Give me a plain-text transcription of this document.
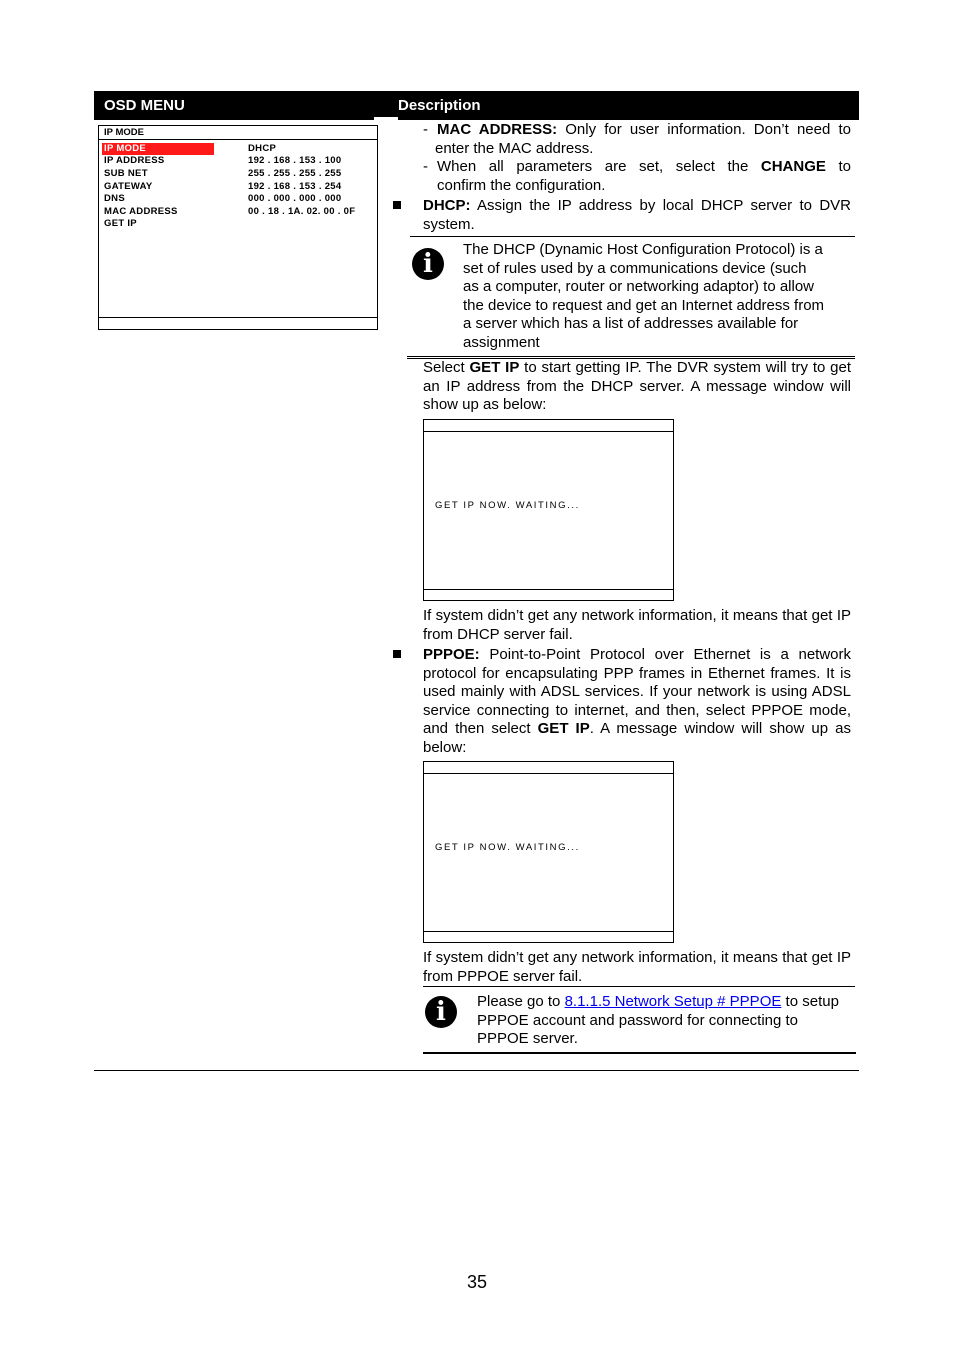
OSD MENU	Description
IP MODE
IP MODE	DHCP
IP ADDRESS	192 . 168 . 153 . 100
SUB NET	255 . 255 . 255 . 255
GATEWAY	192 . 168 . 153 . 254
DNS	000 . 000 . 000 . 000
MAC ADDRESS	00 . 18 . 1A. 02. 00 . 0F
GET IP
- MAC ADDRESS: Only for user information. Don’t need to
enter the MAC address.
- When all parameters are set, select the CHANGE to
confirm the configuration.
DHCP: Assign the IP address by local DHCP server to DVR system.
i	The DHCP (Dynamic Host Configuration Protocol) is a
set of rules used by a communications device (such
as a computer, router or networking adaptor) to allow
the device to request and get an Internet address from
a server which has a list of addresses available for
assignment
Select GET IP to start getting IP. The DVR system will try to get an IP address from the DHCP server. A message window will show up as below:
GET IP NOW. WAITING...
If system didn’t get any network information, it means that get IP from DHCP server fail.
PPPOE: Point-to-Point Protocol over Ethernet is a network protocol for encapsulating PPP frames in Ethernet frames. It is used mainly with ADSL services. If your network is using ADSL service connecting to internet, and then, select PPPOE mode, and then select GET IP. A message window will show up as below:
GET IP NOW. WAITING...
If system didn’t get any network information, it means that get IP from PPPOE server fail.
i	Please go to 8.1.1.5 Network Setup # PPPOE to setup PPPOE account and password for connecting to PPPOE server.
35
